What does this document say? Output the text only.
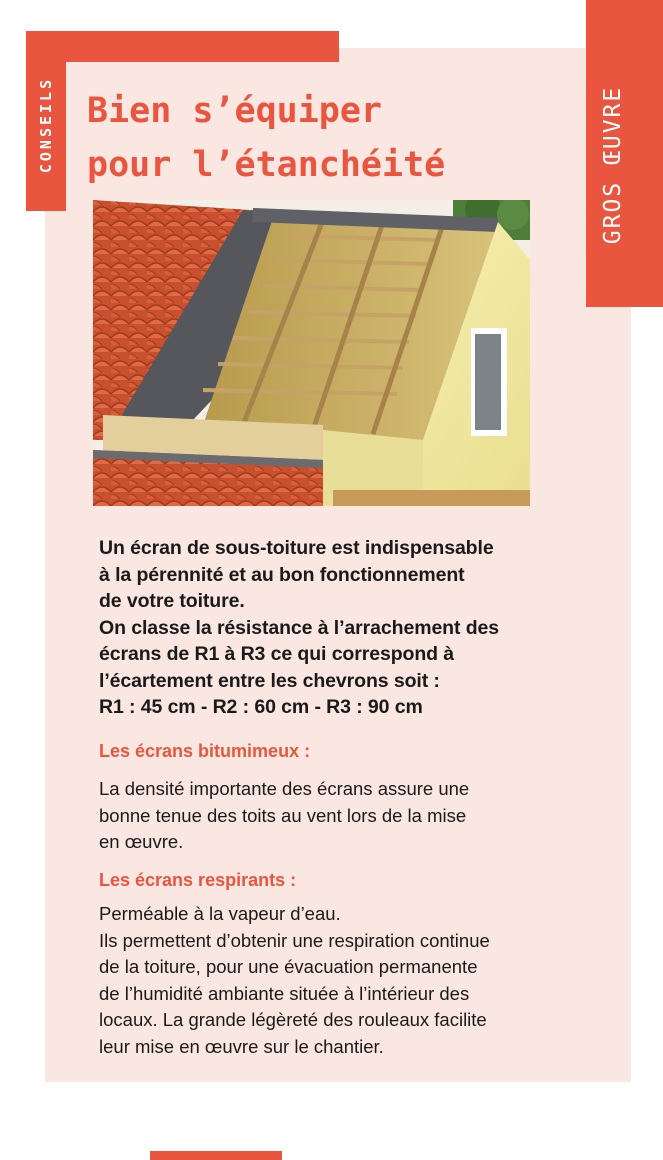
CONSEILS	GROS ŒUVRE
Bien s’équiper
pour l’étanchéité
Un écran de sous-toiture est indispensable
à la pérennité et au bon fonctionnement
de votre toiture.
On classe la résistance à l’arrachement des
écrans de R1 à R3 ce qui correspond à
l’écartement entre les chevrons soit :
R1 : 45 cm - R2 : 60 cm - R3 : 90 cm
Les écrans bitumimeux :
La densité importante des écrans assure une
bonne tenue des toits au vent lors de la mise
en œuvre.
Les écrans respirants :
Perméable à la vapeur d’eau.
Ils permettent d’obtenir une respiration continue
de la toiture, pour une évacuation permanente
de l’humidité ambiante située à l’intérieur des
locaux. La grande légèreté des rouleaux facilite
leur mise en œuvre sur le chantier.
